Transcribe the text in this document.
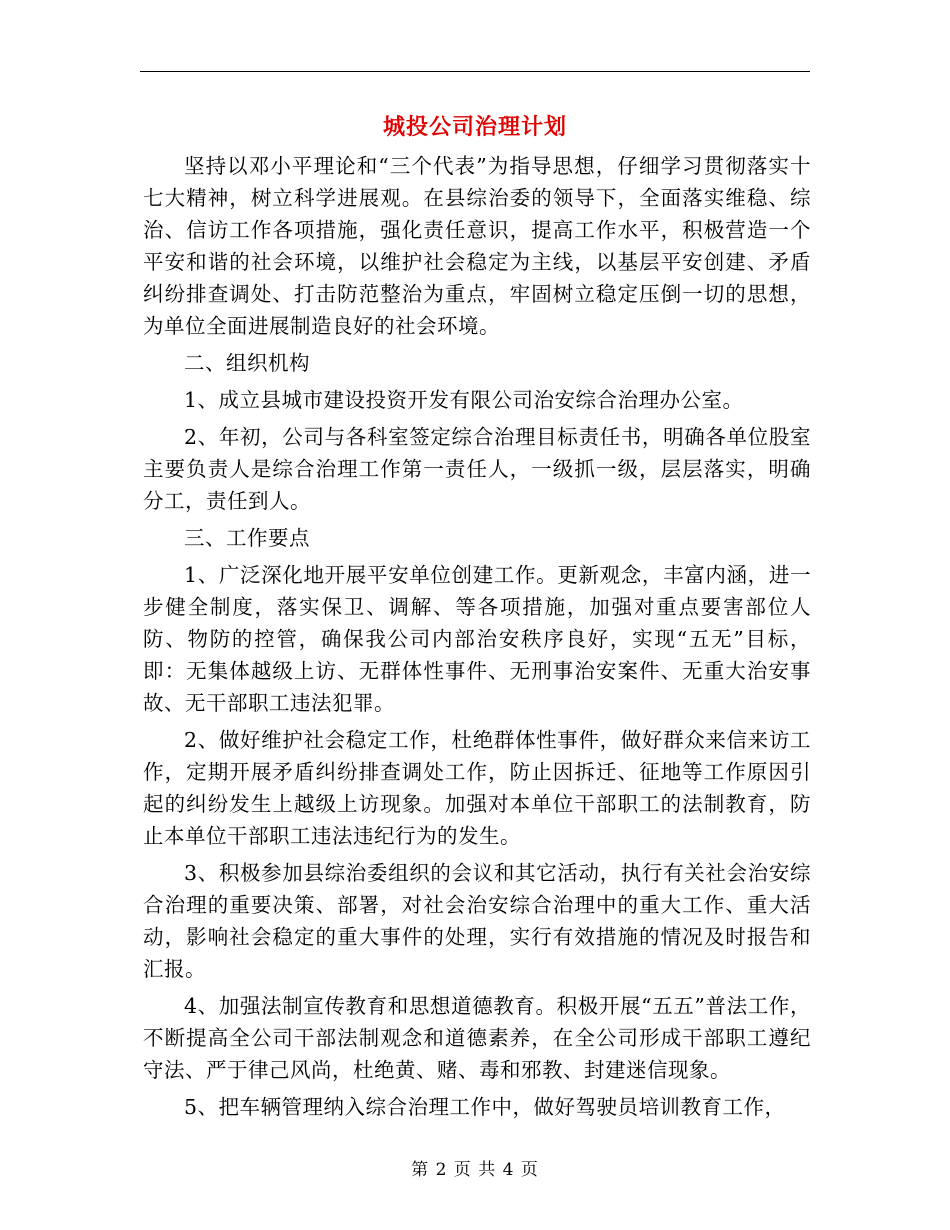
城投公司治理计划

坚持以邓小平理论和“三个代表”为指导思想，仔细学习贯彻落实十七大精神，树立科学进展观。在县综治委的领导下，全面落实维稳、综治、信访工作各项措施，强化责任意识，提高工作水平，积极营造一个平安和谐的社会环境，以维护社会稳定为主线，以基层平安创建、矛盾纠纷排查调处、打击防范整治为重点，牢固树立稳定压倒一切的思想，为单位全面进展制造良好的社会环境。

二、组织机构

1、成立县城市建设投资开发有限公司治安综合治理办公室。

2、年初，公司与各科室签定综合治理目标责任书，明确各单位股室主要负责人是综合治理工作第一责任人，一级抓一级，层层落实，明确分工，责任到人。

三、工作要点

1、广泛深化地开展平安单位创建工作。更新观念，丰富内涵，进一步健全制度，落实保卫、调解、等各项措施，加强对重点要害部位人防、物防的控管，确保我公司内部治安秩序良好，实现“五无”目标，即：无集体越级上访、无群体性事件、无刑事治安案件、无重大治安事故、无干部职工违法犯罪。

2、做好维护社会稳定工作，杜绝群体性事件，做好群众来信来访工作，定期开展矛盾纠纷排查调处工作，防止因拆迁、征地等工作原因引起的纠纷发生上越级上访现象。加强对本单位干部职工的法制教育，防止本单位干部职工违法违纪行为的发生。

3、积极参加县综治委组织的会议和其它活动，执行有关社会治安综合治理的重要决策、部署，对社会治安综合治理中的重大工作、重大活动，影响社会稳定的重大事件的处理，实行有效措施的情况及时报告和汇报。

4、加强法制宣传教育和思想道德教育。积极开展“五五”普法工作，不断提高全公司干部法制观念和道德素养，在全公司形成干部职工遵纪守法、严于律己风尚，杜绝黄、赌、毒和邪教、封建迷信现象。

5、把车辆管理纳入综合治理工作中，做好驾驶员培训教育工作，

第 2 页 共 4 页
